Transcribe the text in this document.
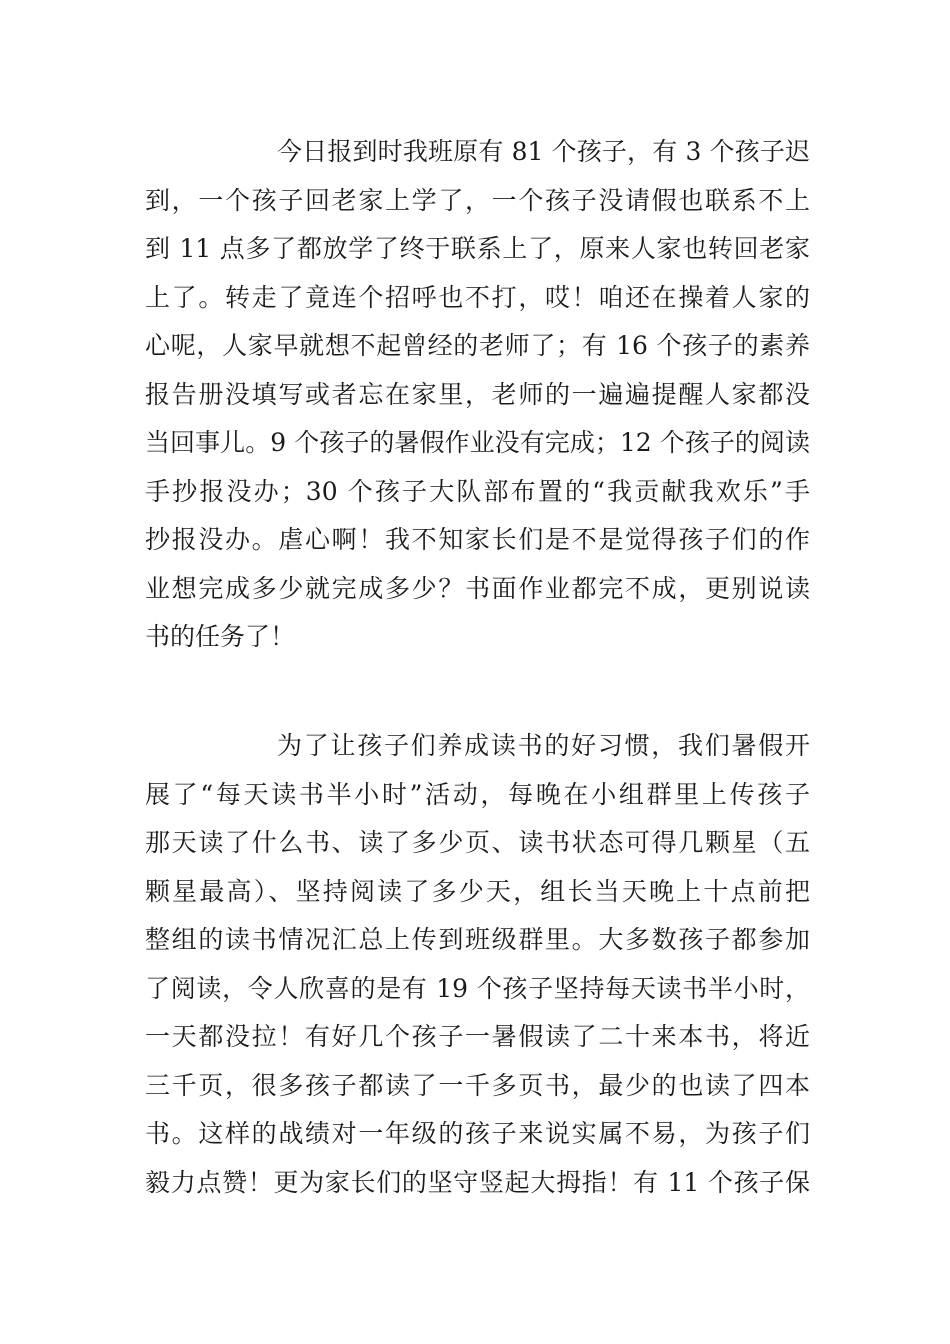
今日报到时我班原有 81 个孩子，有 3 个孩子迟
到，一个孩子回老家上学了，一个孩子没请假也联系不上
到 11 点多了都放学了终于联系上了，原来人家也转回老家
上了。转走了竟连个招呼也不打，哎！咱还在操着人家的
心呢，人家早就想不起曾经的老师了；有 16 个孩子的素养
报告册没填写或者忘在家里，老师的一遍遍提醒人家都没
当回事儿。9 个孩子的暑假作业没有完成；12 个孩子的阅读
手抄报没办；30 个孩子大队部布置的“我贡献我欢乐”手
抄报没办。虐心啊！我不知家长们是不是觉得孩子们的作
业想完成多少就完成多少？书面作业都完不成，更别说读
书的任务了！
为了让孩子们养成读书的好习惯，我们暑假开
展了“每天读书半小时”活动，每晚在小组群里上传孩子
那天读了什么书、读了多少页、读书状态可得几颗星（五
颗星最高）、坚持阅读了多少天，组长当天晚上十点前把
整组的读书情况汇总上传到班级群里。大多数孩子都参加
了阅读，令人欣喜的是有 19 个孩子坚持每天读书半小时，
一天都没拉！有好几个孩子一暑假读了二十来本书，将近
三千页，很多孩子都读了一千多页书，最少的也读了四本
书。这样的战绩对一年级的孩子来说实属不易，为孩子们
毅力点赞！更为家长们的坚守竖起大拇指！有 11 个孩子保
